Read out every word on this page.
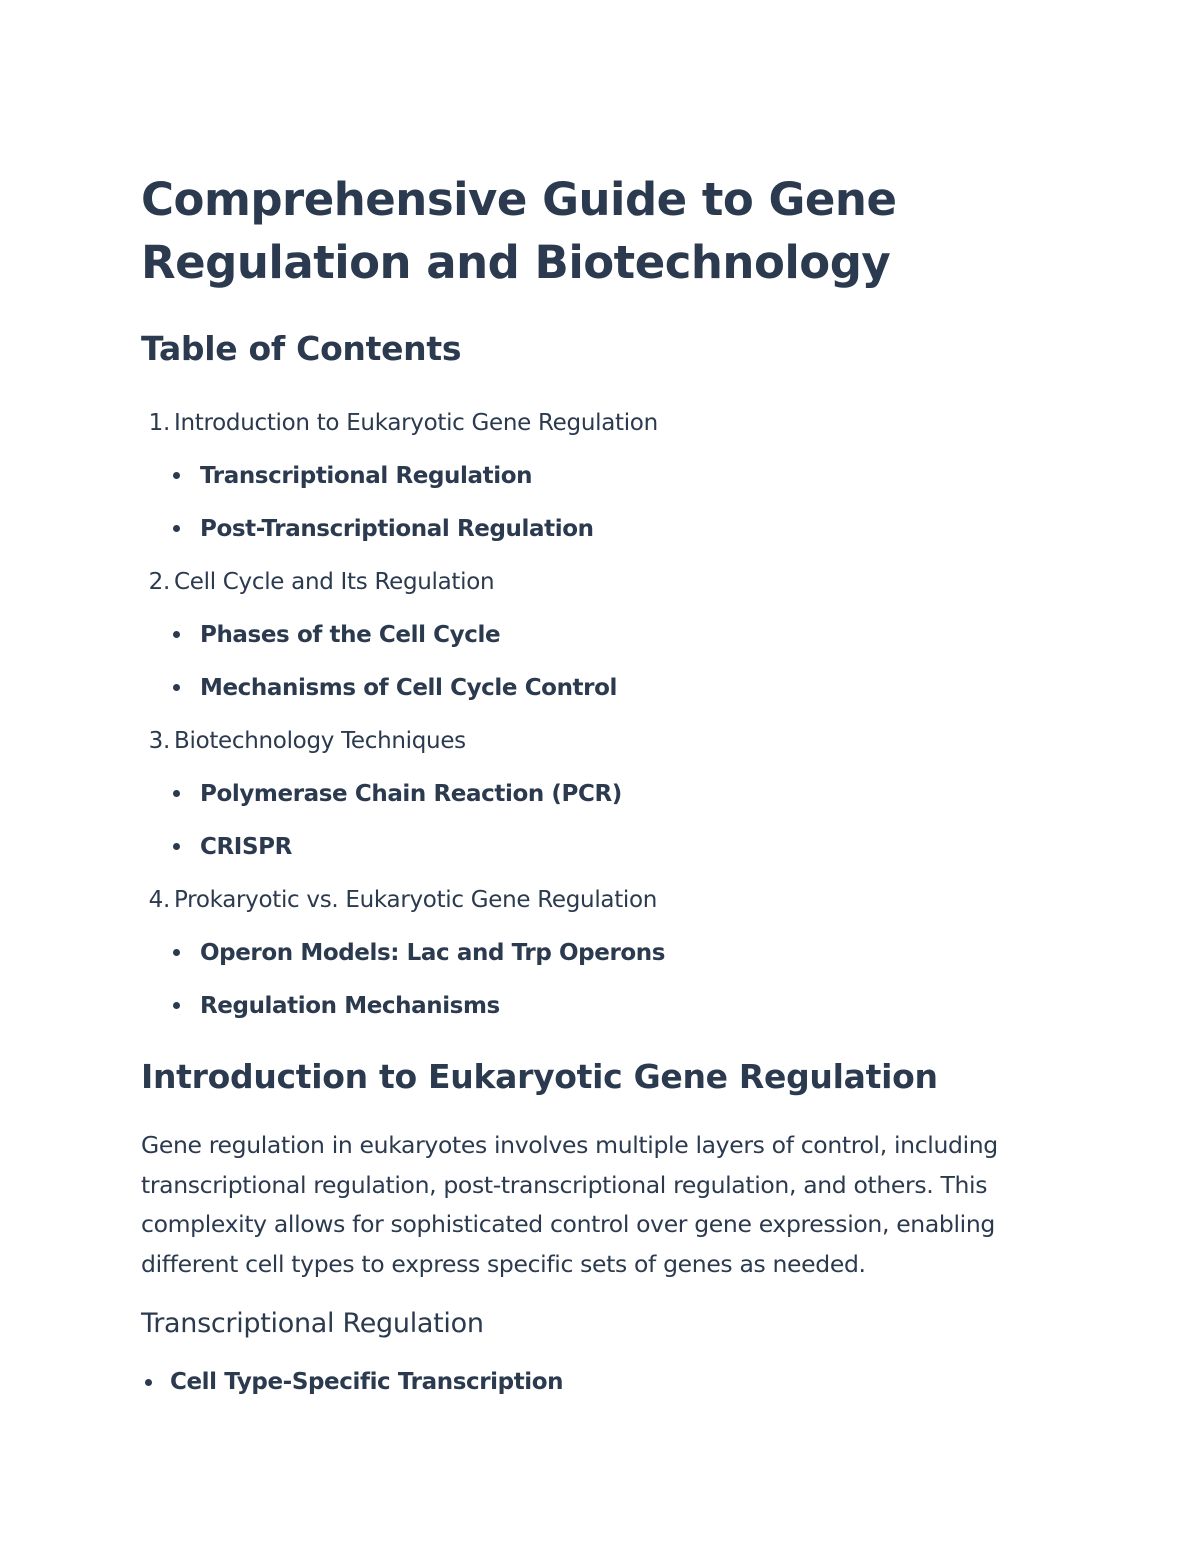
Comprehensive Guide to Gene Regulation and Biotechnology
Table of Contents
1. Introduction to Eukaryotic Gene Regulation
Transcriptional Regulation
Post-Transcriptional Regulation
2. Cell Cycle and Its Regulation
Phases of the Cell Cycle
Mechanisms of Cell Cycle Control
3. Biotechnology Techniques
Polymerase Chain Reaction (PCR)
CRISPR
4. Prokaryotic vs. Eukaryotic Gene Regulation
Operon Models: Lac and Trp Operons
Regulation Mechanisms
Introduction to Eukaryotic Gene Regulation

Gene regulation in eukaryotes involves multiple layers of control, including transcriptional regulation, post-transcriptional regulation, and others. This complexity allows for sophisticated control over gene expression, enabling different cell types to express specific sets of genes as needed.

Transcriptional Regulation
Cell Type-Specific Transcription
